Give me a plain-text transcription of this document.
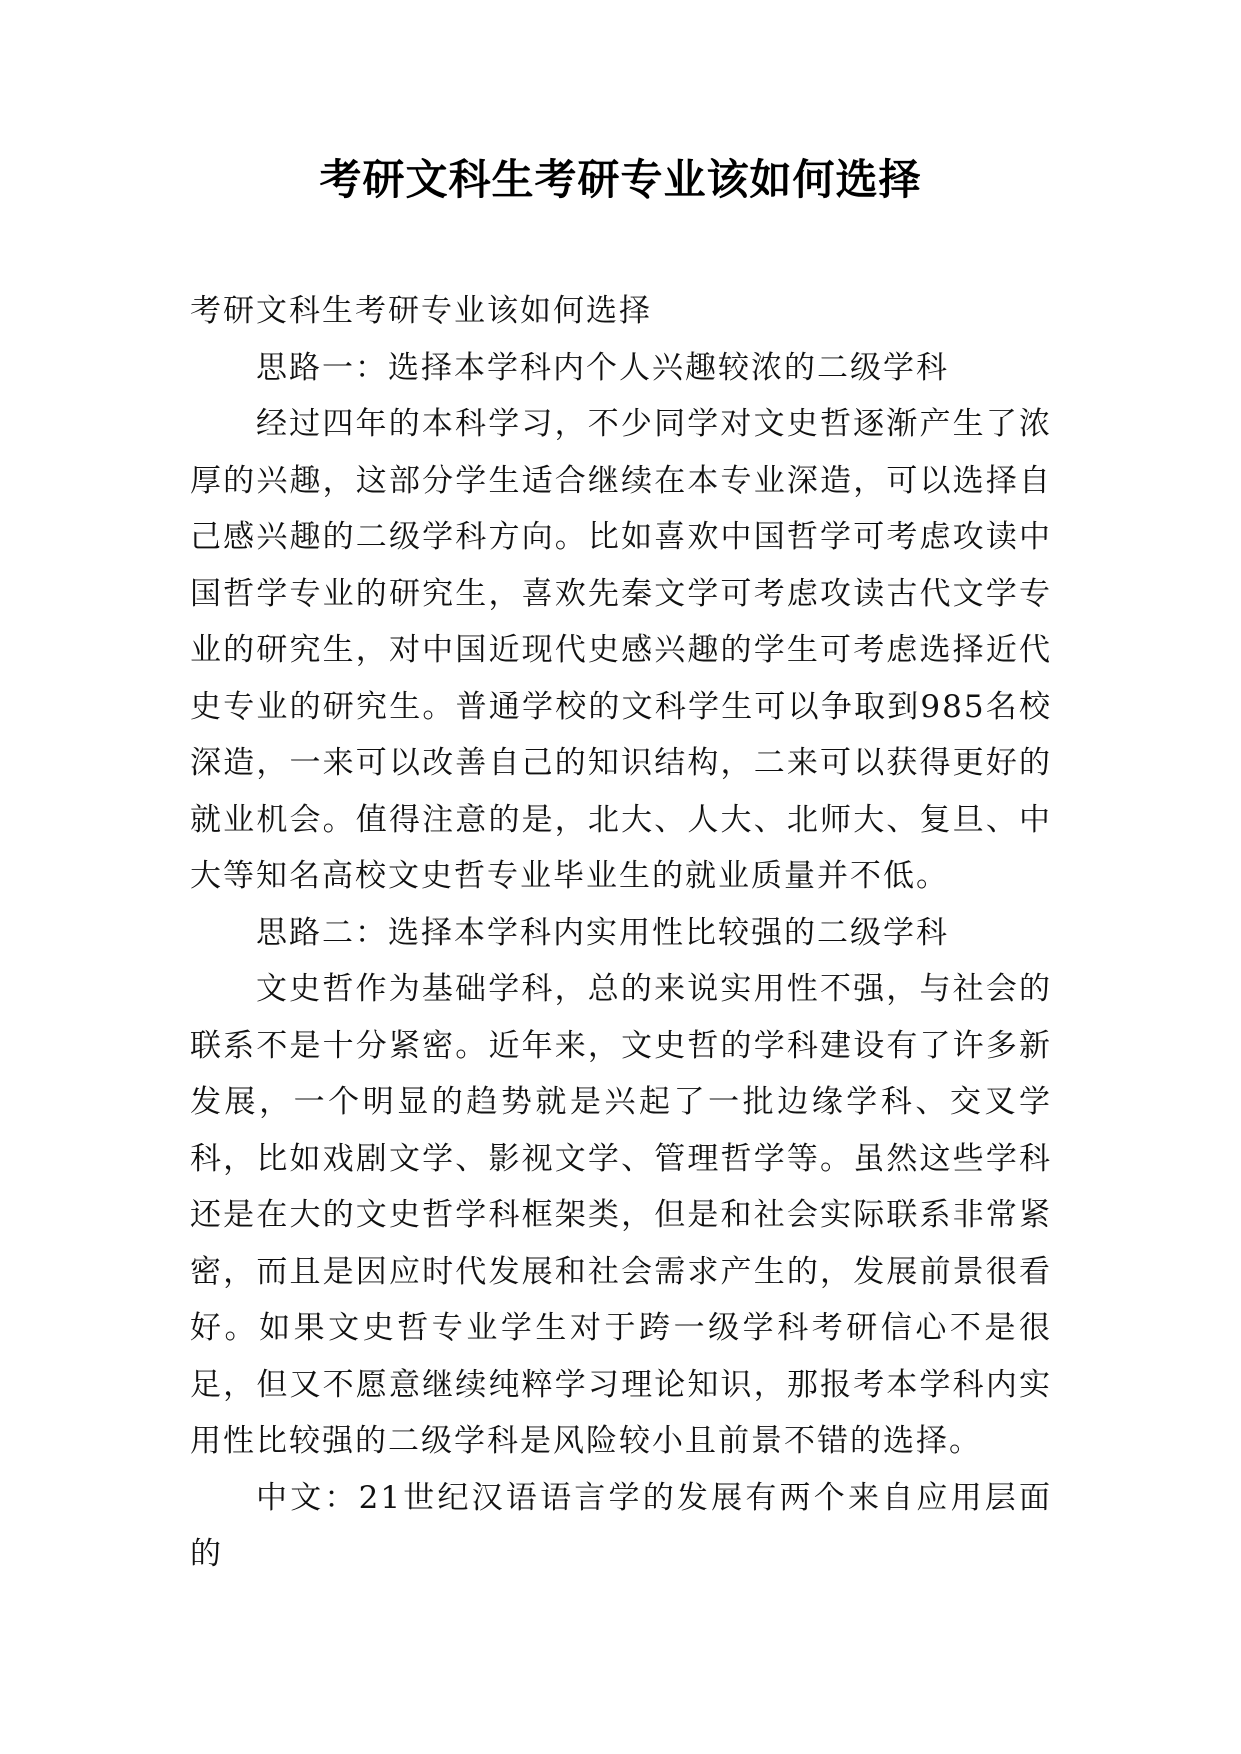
考研文科生考研专业该如何选择

考研文科生考研专业该如何选择

思路一：选择本学科内个人兴趣较浓的二级学科

经过四年的本科学习，不少同学对文史哲逐渐产生了浓厚的兴趣，这部分学生适合继续在本专业深造，可以选择自己感兴趣的二级学科方向。比如喜欢中国哲学可考虑攻读中国哲学专业的研究生，喜欢先秦文学可考虑攻读古代文学专业的研究生，对中国近现代史感兴趣的学生可考虑选择近代史专业的研究生。普通学校的文科学生可以争取到985名校深造，一来可以改善自己的知识结构，二来可以获得更好的就业机会。值得注意的是，北大、人大、北师大、复旦、中大等知名高校文史哲专业毕业生的就业质量并不低。

思路二：选择本学科内实用性比较强的二级学科

文史哲作为基础学科，总的来说实用性不强，与社会的联系不是十分紧密。近年来，文史哲的学科建设有了许多新发展，一个明显的趋势就是兴起了一批边缘学科、交叉学科，比如戏剧文学、影视文学、管理哲学等。虽然这些学科还是在大的文史哲学科框架类，但是和社会实际联系非常紧密，而且是因应时代发展和社会需求产生的，发展前景很看好。如果文史哲专业学生对于跨一级学科考研信心不是很足，但又不愿意继续纯粹学习理论知识，那报考本学科内实用性比较强的二级学科是风险较小且前景不错的选择。

中文：21世纪汉语语言学的发展有两个来自应用层面的
